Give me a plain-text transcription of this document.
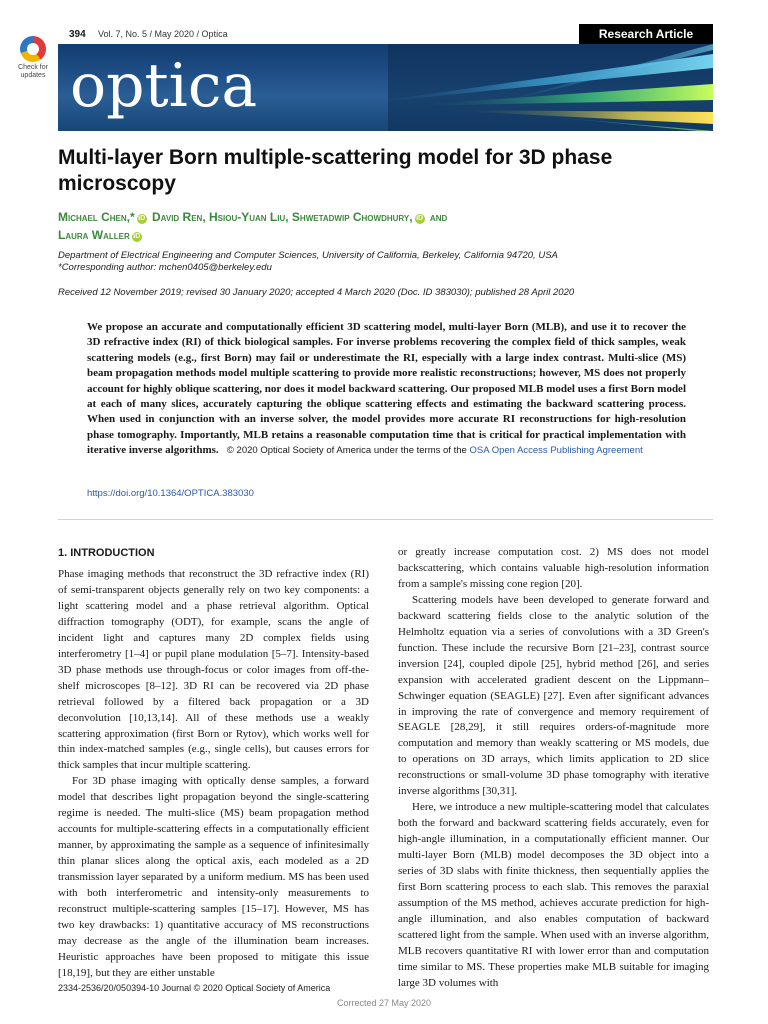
Check for
updates
394	Vol. 7, No. 5 / May 2020 / Optica	Research Article
optica
Multi-layer Born multiple-scattering model for 3D phase microscopy
Michael Chen,* iD David Ren, Hsiou-Yuan Liu, Shwetadwip Chowdhury, iD and
Laura Waller iD
Department of Electrical Engineering and Computer Sciences, University of California, Berkeley, California 94720, USA
*Corresponding author: mchen0405@berkeley.edu
Received 12 November 2019; revised 30 January 2020; accepted 4 March 2020 (Doc. ID 383030); published 28 April 2020
We propose an accurate and computationally efficient 3D scattering model, multi-layer Born (MLB), and use it to recover the 3D refractive index (RI) of thick biological samples. For inverse problems recovering the complex field of thick samples, weak scattering models (e.g., first Born) may fail or underestimate the RI, especially with a large index contrast. Multi-slice (MS) beam propagation methods model multiple scattering to provide more realistic reconstructions; however, MS does not properly account for highly oblique scattering, nor does it model backward scattering. Our proposed MLB model uses a first Born model at each of many slices, accurately capturing the oblique scattering effects and estimating the backward scattering process. When used in conjunction with an inverse solver, the model provides more accurate RI reconstructions for high-resolution phase tomography. Importantly, MLB retains a reasonable computation time that is critical for practical implementation with iterative inverse algorithms. © 2020 Optical Society of America under the terms of the OSA Open Access Publishing Agreement
https://doi.org/10.1364/OPTICA.383030
1. INTRODUCTION

Phase imaging methods that reconstruct the 3D refractive index (RI) of semi-transparent objects generally rely on two key components: a light scattering model and a phase retrieval algorithm. Optical diffraction tomography (ODT), for example, scans the angle of incident light and captures many 2D complex fields using interferometry [1–4] or pupil plane modulation [5–7]. Intensity-based 3D phase methods use through-focus or color images from off-the-shelf microscopes [8–12]. 3D RI can be recovered via 2D phase retrieval followed by a filtered back propagation or a 3D deconvolution [10,13,14]. All of these methods use a weakly scattering approximation (first Born or Rytov), which works well for thin index-matched samples (e.g., single cells), but causes errors for thick samples that incur multiple scattering.

For 3D phase imaging with optically dense samples, a forward model that describes light propagation beyond the single-scattering regime is needed. The multi-slice (MS) beam propagation method accounts for multiple-scattering effects in a computationally efficient manner, by approximating the sample as a sequence of infinitesimally thin planar slices along the optical axis, each modeled as a 2D transmission layer separated by a uniform medium. MS has been used with both interferometric and intensity-only measurements to reconstruct multiple-scattering samples [15–17]. However, MS has two key drawbacks: 1) quantitative accuracy of MS reconstructions may decrease as the angle of the illumination beam increases. Heuristic approaches have been proposed to mitigate this issue [18,19], but they are either unstable

or greatly increase computation cost. 2) MS does not model backscattering, which contains valuable high-resolution information from a sample's missing cone region [20].

Scattering models have been developed to generate forward and backward scattering fields close to the analytic solution of the Helmholtz equation via a series of convolutions with a 3D Green's function. These include the recursive Born [21–23], contrast source inversion [24], coupled dipole [25], hybrid method [26], and series expansion with accelerated gradient descent on the Lippmann–Schwinger equation (SEAGLE) [27]. Even after significant advances in improving the rate of convergence and memory requirement of SEAGLE [28,29], it still requires orders-of-magnitude more computation and memory than weakly scattering or MS models, due to operations on 3D arrays, which limits application to 2D slice reconstructions or small-volume 3D phase tomography with iterative inverse algorithms [30,31].

Here, we introduce a new multiple-scattering model that calculates both the forward and backward scattering fields accurately, even for high-angle illumination, in a computationally efficient manner. Our multi-layer Born (MLB) model decomposes the 3D object into a series of 3D slabs with finite thickness, then sequentially applies the first Born scattering process to each slab. This removes the paraxial assumption of the MS method, achieves accurate prediction for high-angle illumination, and also enables computation of backward scattered light from the sample. When used with an inverse algorithm, MLB recovers quantitative RI with lower error than and computation time similar to MS. These properties make MLB suitable for imaging large 3D volumes with

2334-2536/20/050394-10 Journal © 2020 Optical Society of America
Corrected 27 May 2020
